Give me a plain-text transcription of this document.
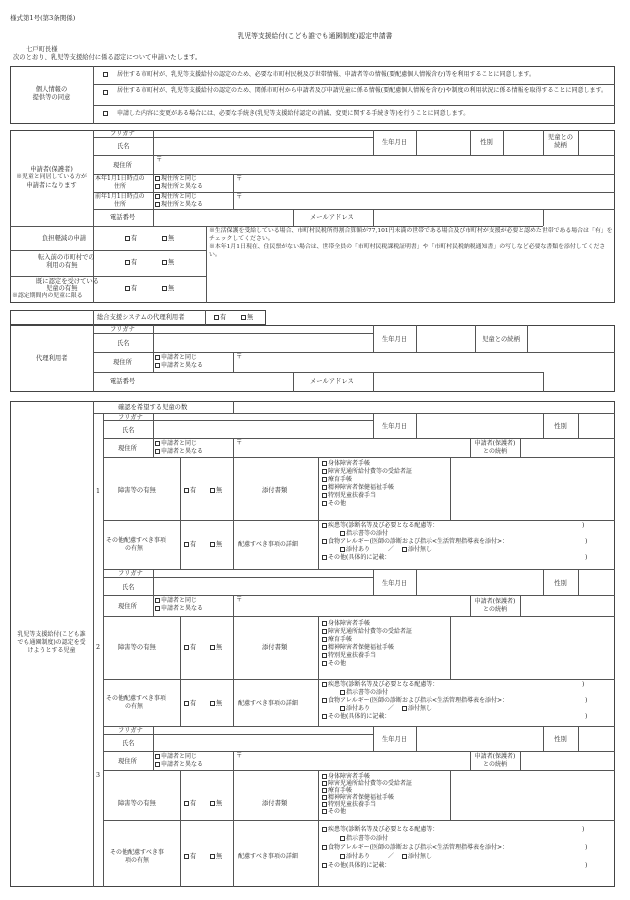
様式第1号(第3条関係)
乳児等支援給付(こども誰でも通園制度)認定申請書
七戸町長様
次のとおり、乳児等支援給付に係る認定について申請いたします。
個人情報の
提供等の同意
居住する市町村が、乳児等支援給付の認定のため、必要な市町村民税及び世帯情報、申請者等の情報(要配慮個人情報含む)等を利用することに同意します。
居住する市町村が、乳児等支援給付の認定のため、関係市町村から申請者及び申請児童に係る情報(要配慮個人情報を含む)や制度の利用状況に係る情報を取得することに同意します。
申請した内容に変更がある場合には、必要な手続き(乳児等支援給付認定の消滅、変更に関する手続き等)を行うことに同意します。
申請者(保護者)
※児童と同居している方が
申請者になります
フリガナ
氏名
生年月日	性別
児童との
続柄
現住所
〒
本年1月1日時点の
住所
現住所と同じ
現住所と異なる
〒
前年1月1日時点の
住所
現住所と同じ
現住所と異なる
〒
電話番号	メールアドレス
負担軽減の申請	有	無
※生活保護を受給している場合、市町村民税所得割合算額が77,101円未満の世帯である場合及び市町村が支援が必要と認めた世帯である場合は「有」をチェックしてください。
※本年1月1日現在、住民票がない場合は、世帯全員の「市町村民税課税証明書」や「市町村民税納税通知書」の写しなど必要な書類を添付してください。
転入前の市町村での
利用の有無	有	無
既に認定を受けている
児童の有無
※認定期間内の児童に限る
有	無
総合支援システムの代理利用者	有	無
代理利用者
フリガナ
氏名
生年月日	児童との続柄
現住所
申請者と同じ
申請者と異なる
〒
電話番号	メールアドレス
乳児等支援給付(こども誰
でも通園制度)の認定を受
けようとする児童
確認を希望する児童の数
1
フリガナ
氏名
生年月日	性別
現住所
申請者と同じ
申請者と異なる
〒	申請者(保護者)
との続柄
障害等の有無	有	無	添付書類
身体障害者手帳
障害児通所給付費等の受給者証
療育手帳
精神障害者保健福祉手帳
特別児童扶養手当
その他
その他配慮すべき事項
の有無
有	無	配慮すべき事項の詳細
疾患等(診断名等及び必要となる配慮等：	)
指示書等の添付
食物アレルギー(医師の診断および指示<生活管理指導表を添付>：	)
添付あり	／	添付無し
その他(具体的に記載：	)
2
フリガナ
氏名
生年月日	性別
現住所
申請者と同じ
申請者と異なる
〒	申請者(保護者)
との続柄
障害等の有無	有	無	添付書類
身体障害者手帳
障害児通所給付費等の受給者証
療育手帳
精神障害者保健福祉手帳
特別児童扶養手当
その他
その他配慮すべき事項
の有無	有	無	配慮すべき事項の詳細
疾患等(診断名等及び必要となる配慮等：	)
指示書等の添付
食物アレルギー(医師の診断および指示<生活管理指導表を添付>：	)
添付あり	／	添付無し
その他(具体的に記載：	)
3
フリガナ
氏名
生年月日	性別
現住所
申請者と同じ
申請者と異なる
〒	申請者(保護者)
との続柄
障害等の有無	有	無	添付書類
身体障害者手帳
障害児通所給付費等の受給者証
療育手帳
精神障害者保健福祉手帳
特別児童扶養手当
その他
その他配慮すべき事
項の有無
有	無	配慮すべき事項の詳細
疾患等(診断名等及び必要となる配慮等：	)
指示書等の添付
食物アレルギー(医師の診断および指示<生活管理指導表を添付>：	)
添付あり	／	添付無し
その他(具体的に記載：	)
